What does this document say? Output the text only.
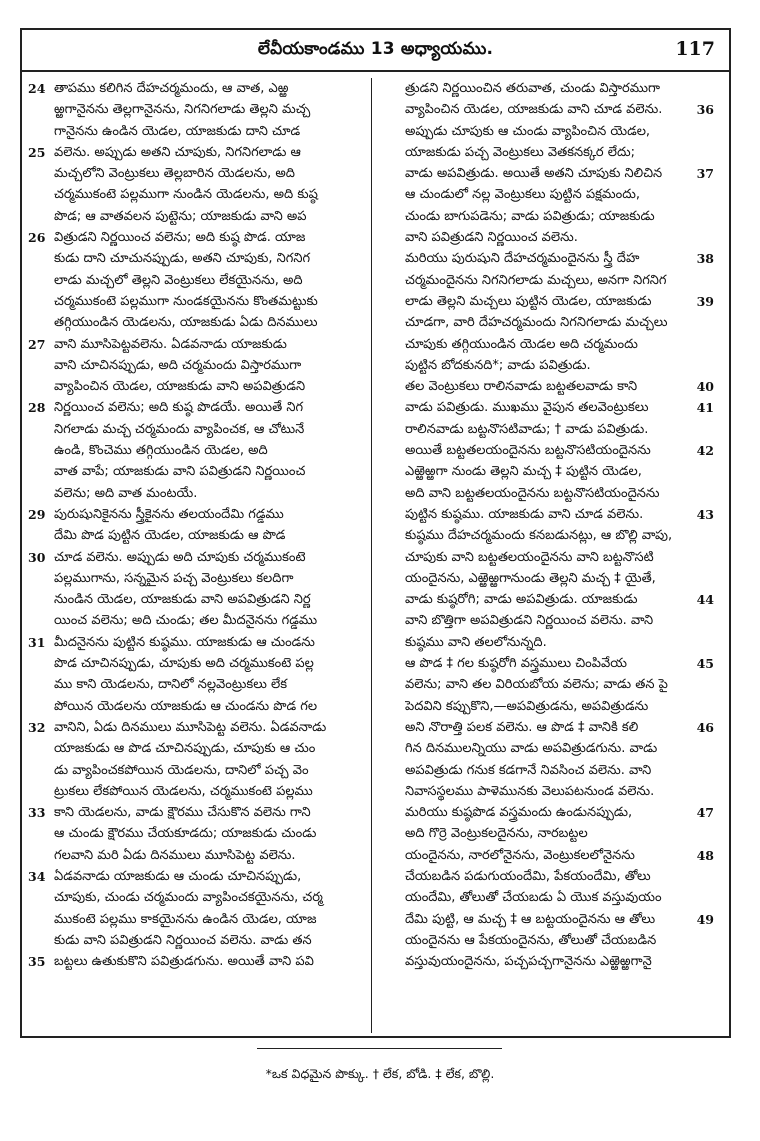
లేవీయకాండము 13 అధ్యాయము.	117
24 తాపము కలిగిన దేహచర్మమందు, ఆ వాత, ఎఱ్ఱ
ఱ్ఱగానైనను తెల్లగానైనను, నిగనిగలాడు తెల్లని మచ్చ
గానైనను ఉండిన యెడల, యాజకుడు దాని చూడ
25 వలెను. అప్పుడు అతని చూపుకు, నిగనిగలాడు ఆ
మచ్చలోని వెంట్రుకలు తెల్లబారిన యెడలను, అది
చర్మముకంటె పల్లముగా నుండిన యెడలను, అది కుష్ఠ
పొడ; ఆ వాతవలన పుట్టెను; యాజకుడు వాని అప
26 విత్రుడని నిర్ణయించ వలెను; అది కుష్ఠ పొడ. యాజ
కుడు దాని చూచునప్పుడు, అతని చూపుకు, నిగనిగ
లాడు మచ్చలో తెల్లని వెంట్రుకలు లేకయైనను, అది
చర్మముకంటె పల్లముగా నుండకయైనను కొంతమట్టుకు
తగ్గియుండిన యెడలను, యాజకుడు ఏడు దినములు
27 వాని మూసిపెట్టవలెను. ఏడవనాడు యాజకుడు
వాని చూచినప్పుడు, అది చర్మమందు విస్తారముగా
వ్యాపించిన యెడల, యాజకుడు వాని అపవిత్రుడని
28 నిర్ణయించ వలెను; అది కుష్ఠ పొడయే. అయితే నిగ
నిగలాడు మచ్చ చర్మమందు వ్యాపించక, ఆ చోటునే
ఉండి, కొంచెము తగ్గియుండిన యెడల, అది
వాత వాపే; యాజకుడు వాని పవిత్రుడని నిర్ణయించ
వలెను; అది వాత మంటయే.
29 పురుషునికైనను స్త్రీకైనను తలయందేమి గడ్డము
దేమి పొడ పుట్టిన యెడల, యాజకుడు ఆ పొడ
30 చూడ వలెను. అప్పుడు అది చూపుకు చర్మముకంటె
పల్లముగాను, సన్నమైన పచ్చ వెంట్రుకలు కలదిగా
నుండిన యెడల, యాజకుడు వాని అపవిత్రుడని నిర్ణ
యించ వలెను; అది చుండు; తల మీదనైనను గడ్డము
31 మీదనైనను పుట్టిన కుష్ఠము. యాజకుడు ఆ చుండను
పొడ చూచినప్పుడు, చూపుకు అది చర్మముకంటె పల్ల
ము కాని యెడలను, దానిలో నల్లవెంట్రుకలు లేక
పోయిన యెడలను యాజకుడు ఆ చుండను పొడ గల
32 వానిని, ఏడు దినములు మూసిపెట్ట వలెను. ఏడవనాడు
యాజకుడు ఆ పొడ చూచినప్పుడు, చూపుకు ఆ చుం
డు వ్యాపించకపోయిన యెడలను, దానిలో పచ్చ వెం
ట్రుకలు లేకపోయిన యెడలను, చర్మముకంటె పల్లము
33 కాని యెడలను, వాడు క్షౌరము చేసుకొన వలెను గాని
ఆ చుండు క్షౌరము చేయకూడదు; యాజకుడు చుండు
గలవాని మరి ఏడు దినములు మూసిపెట్ట వలెను.
34 ఏడవనాడు యాజకుడు ఆ చుండు చూచినప్పుడు,
చూపుకు, చుండు చర్మమందు వ్యాపించకయైనను, చర్మ
ముకంటె పల్లము కాకయైనను ఉండిన యెడల, యాజ
కుడు వాని పవిత్రుడని నిర్ణయించ వలెను. వాడు తన
35 బట్టలు ఉతుకుకొని పవిత్రుడగును. అయితే వాని పవి
త్రుడని నిర్ణయించిన తరువాత, చుండు విస్తారముగా
36
వ్యాపించిన యెడల, యాజకుడు వాని చూడ వలెను.
అప్పుడు చూపుకు ఆ చుండు వ్యాపించిన యెడల,
యాజకుడు పచ్చ వెంట్రుకలు వెతకనక్కర లేదు;
37
వాడు అపవిత్రుడు. అయితే అతని చూపుకు నిలిచిన
ఆ చుండులో నల్ల వెంట్రుకలు పుట్టిన పక్షమందు,
చుండు బాగుపడెను; వాడు పవిత్రుడు; యాజకుడు
వాని పవిత్రుడని నిర్ణయించ వలెను.
38
మరియు పురుషుని దేహచర్మమందైనను స్త్రీ దేహ
చర్మమందైనను నిగనిగలాడు మచ్చలు, అనగా నిగనిగ
39
లాడు తెల్లని మచ్చలు పుట్టిన యెడల, యాజకుడు
చూడగా, వారి దేహచర్మమందు నిగనిగలాడు మచ్చలు
చూపుకు తగ్గియుండిన యెడల అది చర్మమందు
పుట్టిన బోదకునది*; వాడు పవిత్రుడు.
40
తల వెంట్రుకలు రాలినవాడు బట్టతలవాడు కాని
41
వాడు పవిత్రుడు. ముఖము వైపున తలవెంట్రుకలు
రాలినవాడు బట్టనొసటివాడు; † వాడు పవిత్రుడు.
42
అయితే బట్టతలయందైనను బట్టనొసటియందైనను
ఎఱ్ఱెఱ్ఱగా నుండు తెల్లని మచ్చ ‡ పుట్టిన యెడల,
అది వాని బట్టతలయందైనను బట్టనొసటియందైనను
43
పుట్టిన కుష్ఠము. యాజకుడు వాని చూడ వలెను.
కుష్ఠము దేహచర్మమందు కనబడునట్లు, ఆ బొల్లి వాపు,
చూపుకు వాని బట్టతలయందైనను వాని బట్టనొసటి
యందైనను, ఎఱ్ఱెఱ్ఱగానుండు తెల్లని మచ్చ ‡ యైతే,
44
వాడు కుష్ఠరోగి; వాడు అపవిత్రుడు. యాజకుడు
వాని బొత్తిగా అపవిత్రుడని నిర్ణయించ వలెను. వాని
కుష్ఠము వాని తలలోనున్నది.
45
ఆ పొడ ‡ గల కుష్ఠరోగి వస్త్రములు చింపివేయ
వలెను; వాని తల విరియబోయ వలెను; వాడు తన పై
పెదవిని కప్పుకొని,—అపవిత్రుడను, అపవిత్రుడను
46
అని నొరాత్తి పలక వలెను. ఆ పొడ ‡ వానికి కలి
గిన దినములన్నియు వాడు అపవిత్రుడగును. వాడు
అపవిత్రుడు గనుక కడగానే నివసించ వలెను. వాని
నివాసస్థలము పాళెమునకు వెలుపటనుండ వలెను.
47
మరియు కుష్ఠపొడ వస్త్రమందు ఉండునప్పుడు,
అది గొర్రె వెంట్రుకలదైనను, నారబట్టల
48
యందైనను, నారలోనైనను, వెంట్రుకలలోనైనను
చేయబడిన పడుగుయందేమి, పేకయందేమి, తోలు
యందేమి, తోలుతో చేయబడు ఏ యొక వస్తువుయం
49
దేమి పుట్టి, ఆ మచ్చ ‡ ఆ బట్టయందైనను ఆ తోలు
యందైనను ఆ పేకయందైనను, తోలుతో చేయబడిన
వస్తువుయందైనను, పచ్చపచ్చగానైనను ఎఱ్ఱెఱ్ఱగానై
*ఒక విధమైన పొక్కు. † లేక, బోడి. ‡ లేక, బొల్లి.
